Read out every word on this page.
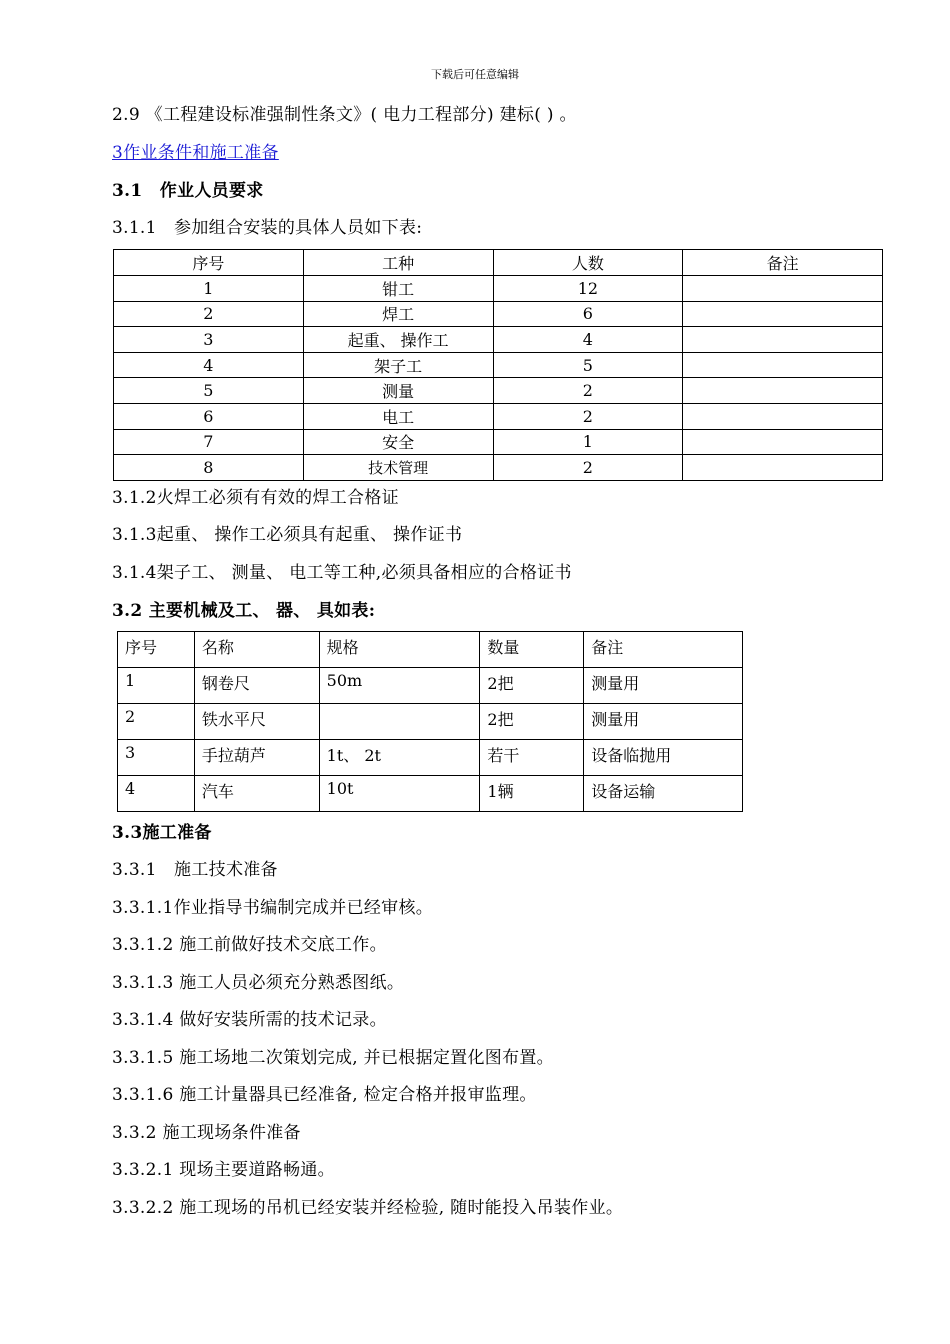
下载后可任意编辑
2.9 《工程建设标准强制性条文》( 电力工程部分) 建标( ) 。
3作业条件和施工准备
3.1　作业人员要求
3.1.1　参加组合安装的具体人员如下表:
序号	工种	人数	备注
1	钳工	12	
2	焊工	6	
3	起重、 操作工	4	
4	架子工	5	
5	测量	2	
6	电工	2	
7	安全	1	
8	技术管理	2	
3.1.2火焊工必须有有效的焊工合格证
3.1.3起重、 操作工必须具有起重、 操作证书
3.1.4架子工、 测量、 电工等工种,必须具备相应的合格证书
3.2 主要机械及工、 器、 具如表:
序号	名称	规格	数量	备注
1	钢卷尺	50m	2把	测量用
2	铁水平尺		2把	测量用
3	手拉葫芦	1t、 2t	若干	设备临抛用
4	汽车	10t	1辆	设备运输
3.3施工准备
3.3.1　施工技术准备
3.3.1.1作业指导书编制完成并已经审核。
3.3.1.2 施工前做好技术交底工作。
3.3.1.3 施工人员必须充分熟悉图纸。
3.3.1.4 做好安装所需的技术记录。
3.3.1.5 施工场地二次策划完成, 并已根据定置化图布置。
3.3.1.6 施工计量器具已经准备, 检定合格并报审监理。
3.3.2 施工现场条件准备
3.3.2.1 现场主要道路畅通。
3.3.2.2 施工现场的吊机已经安装并经检验, 随时能投入吊装作业。
